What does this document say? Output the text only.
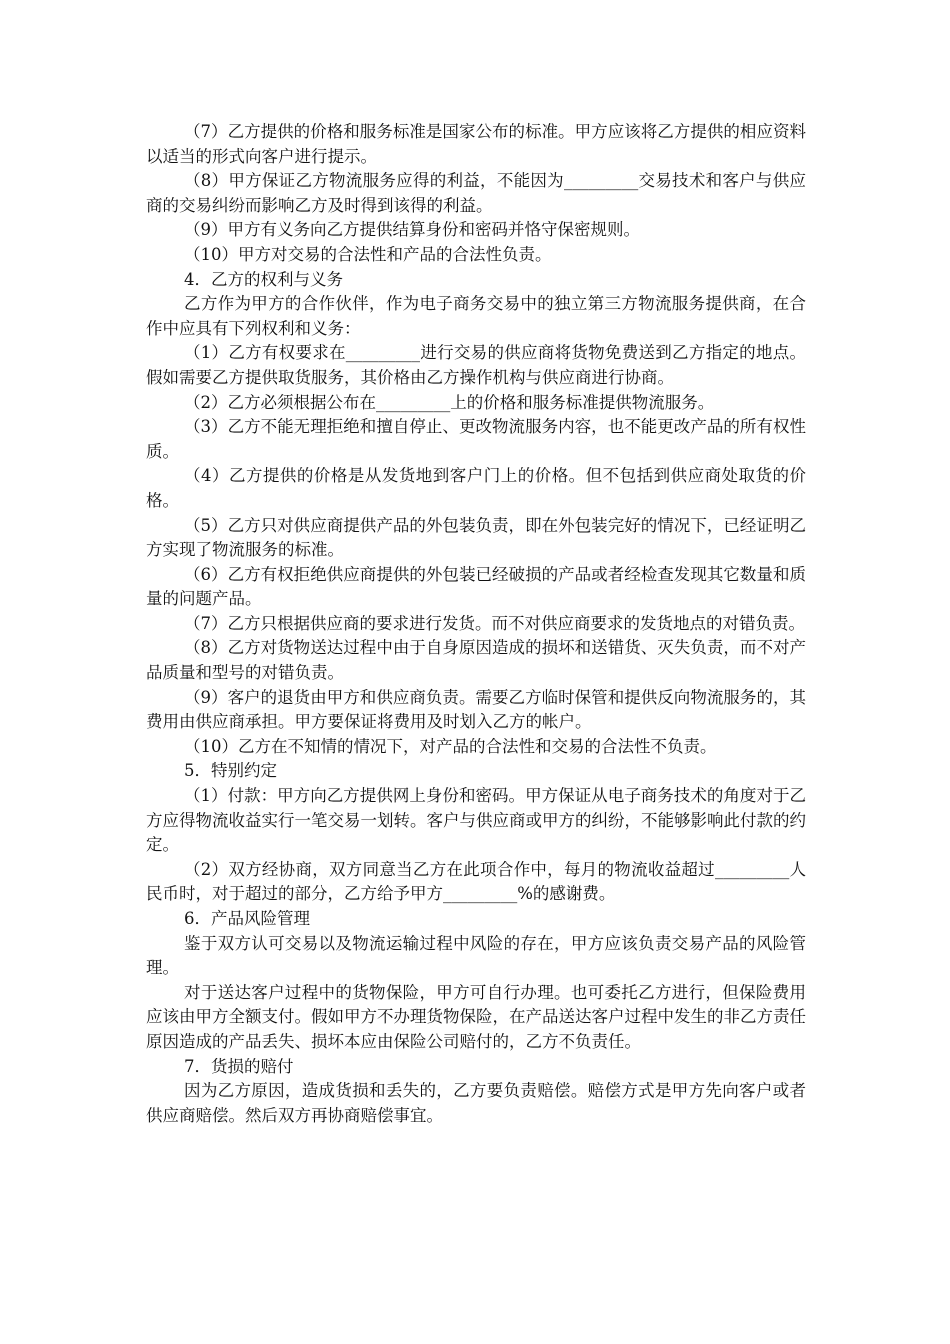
（7）乙方提供的价格和服务标准是国家公布的标准。甲方应该将乙方提供的相应资料以适当的形式向客户进行提示。

（8）甲方保证乙方物流服务应得的利益，不能因为_________交易技术和客户与供应商的交易纠纷而影响乙方及时得到该得的利益。

（9）甲方有义务向乙方提供结算身份和密码并恪守保密规则。

（10）甲方对交易的合法性和产品的合法性负责。

4．乙方的权利与义务

乙方作为甲方的合作伙伴，作为电子商务交易中的独立第三方物流服务提供商，在合作中应具有下列权利和义务：

（1）乙方有权要求在_________进行交易的供应商将货物免费送到乙方指定的地点。假如需要乙方提供取货服务，其价格由乙方操作机构与供应商进行协商。

（2）乙方必须根据公布在_________上的价格和服务标准提供物流服务。

（3）乙方不能无理拒绝和擅自停止、更改物流服务内容，也不能更改产品的所有权性质。

（4）乙方提供的价格是从发货地到客户门上的价格。但不包括到供应商处取货的价格。

（5）乙方只对供应商提供产品的外包装负责，即在外包装完好的情况下，已经证明乙方实现了物流服务的标准。

（6）乙方有权拒绝供应商提供的外包装已经破损的产品或者经检查发现其它数量和质量的问题产品。

（7）乙方只根据供应商的要求进行发货。而不对供应商要求的发货地点的对错负责。

（8）乙方对货物送达过程中由于自身原因造成的损坏和送错货、灭失负责，而不对产品质量和型号的对错负责。

（9）客户的退货由甲方和供应商负责。需要乙方临时保管和提供反向物流服务的，其费用由供应商承担。甲方要保证将费用及时划入乙方的帐户。

（10）乙方在不知情的情况下，对产品的合法性和交易的合法性不负责。

5．特别约定

（1）付款：甲方向乙方提供网上身份和密码。甲方保证从电子商务技术的角度对于乙方应得物流收益实行一笔交易一划转。客户与供应商或甲方的纠纷，不能够影响此付款的约定。

（2）双方经协商，双方同意当乙方在此项合作中，每月的物流收益超过_________人民币时，对于超过的部分，乙方给予甲方_________%的感谢费。

6．产品风险管理

鉴于双方认可交易以及物流运输过程中风险的存在，甲方应该负责交易产品的风险管理。

对于送达客户过程中的货物保险，甲方可自行办理。也可委托乙方进行，但保险费用应该由甲方全额支付。假如甲方不办理货物保险，在产品送达客户过程中发生的非乙方责任原因造成的产品丢失、损坏本应由保险公司赔付的，乙方不负责任。

7．货损的赔付

因为乙方原因，造成货损和丢失的，乙方要负责赔偿。赔偿方式是甲方先向客户或者供应商赔偿。然后双方再协商赔偿事宜。
